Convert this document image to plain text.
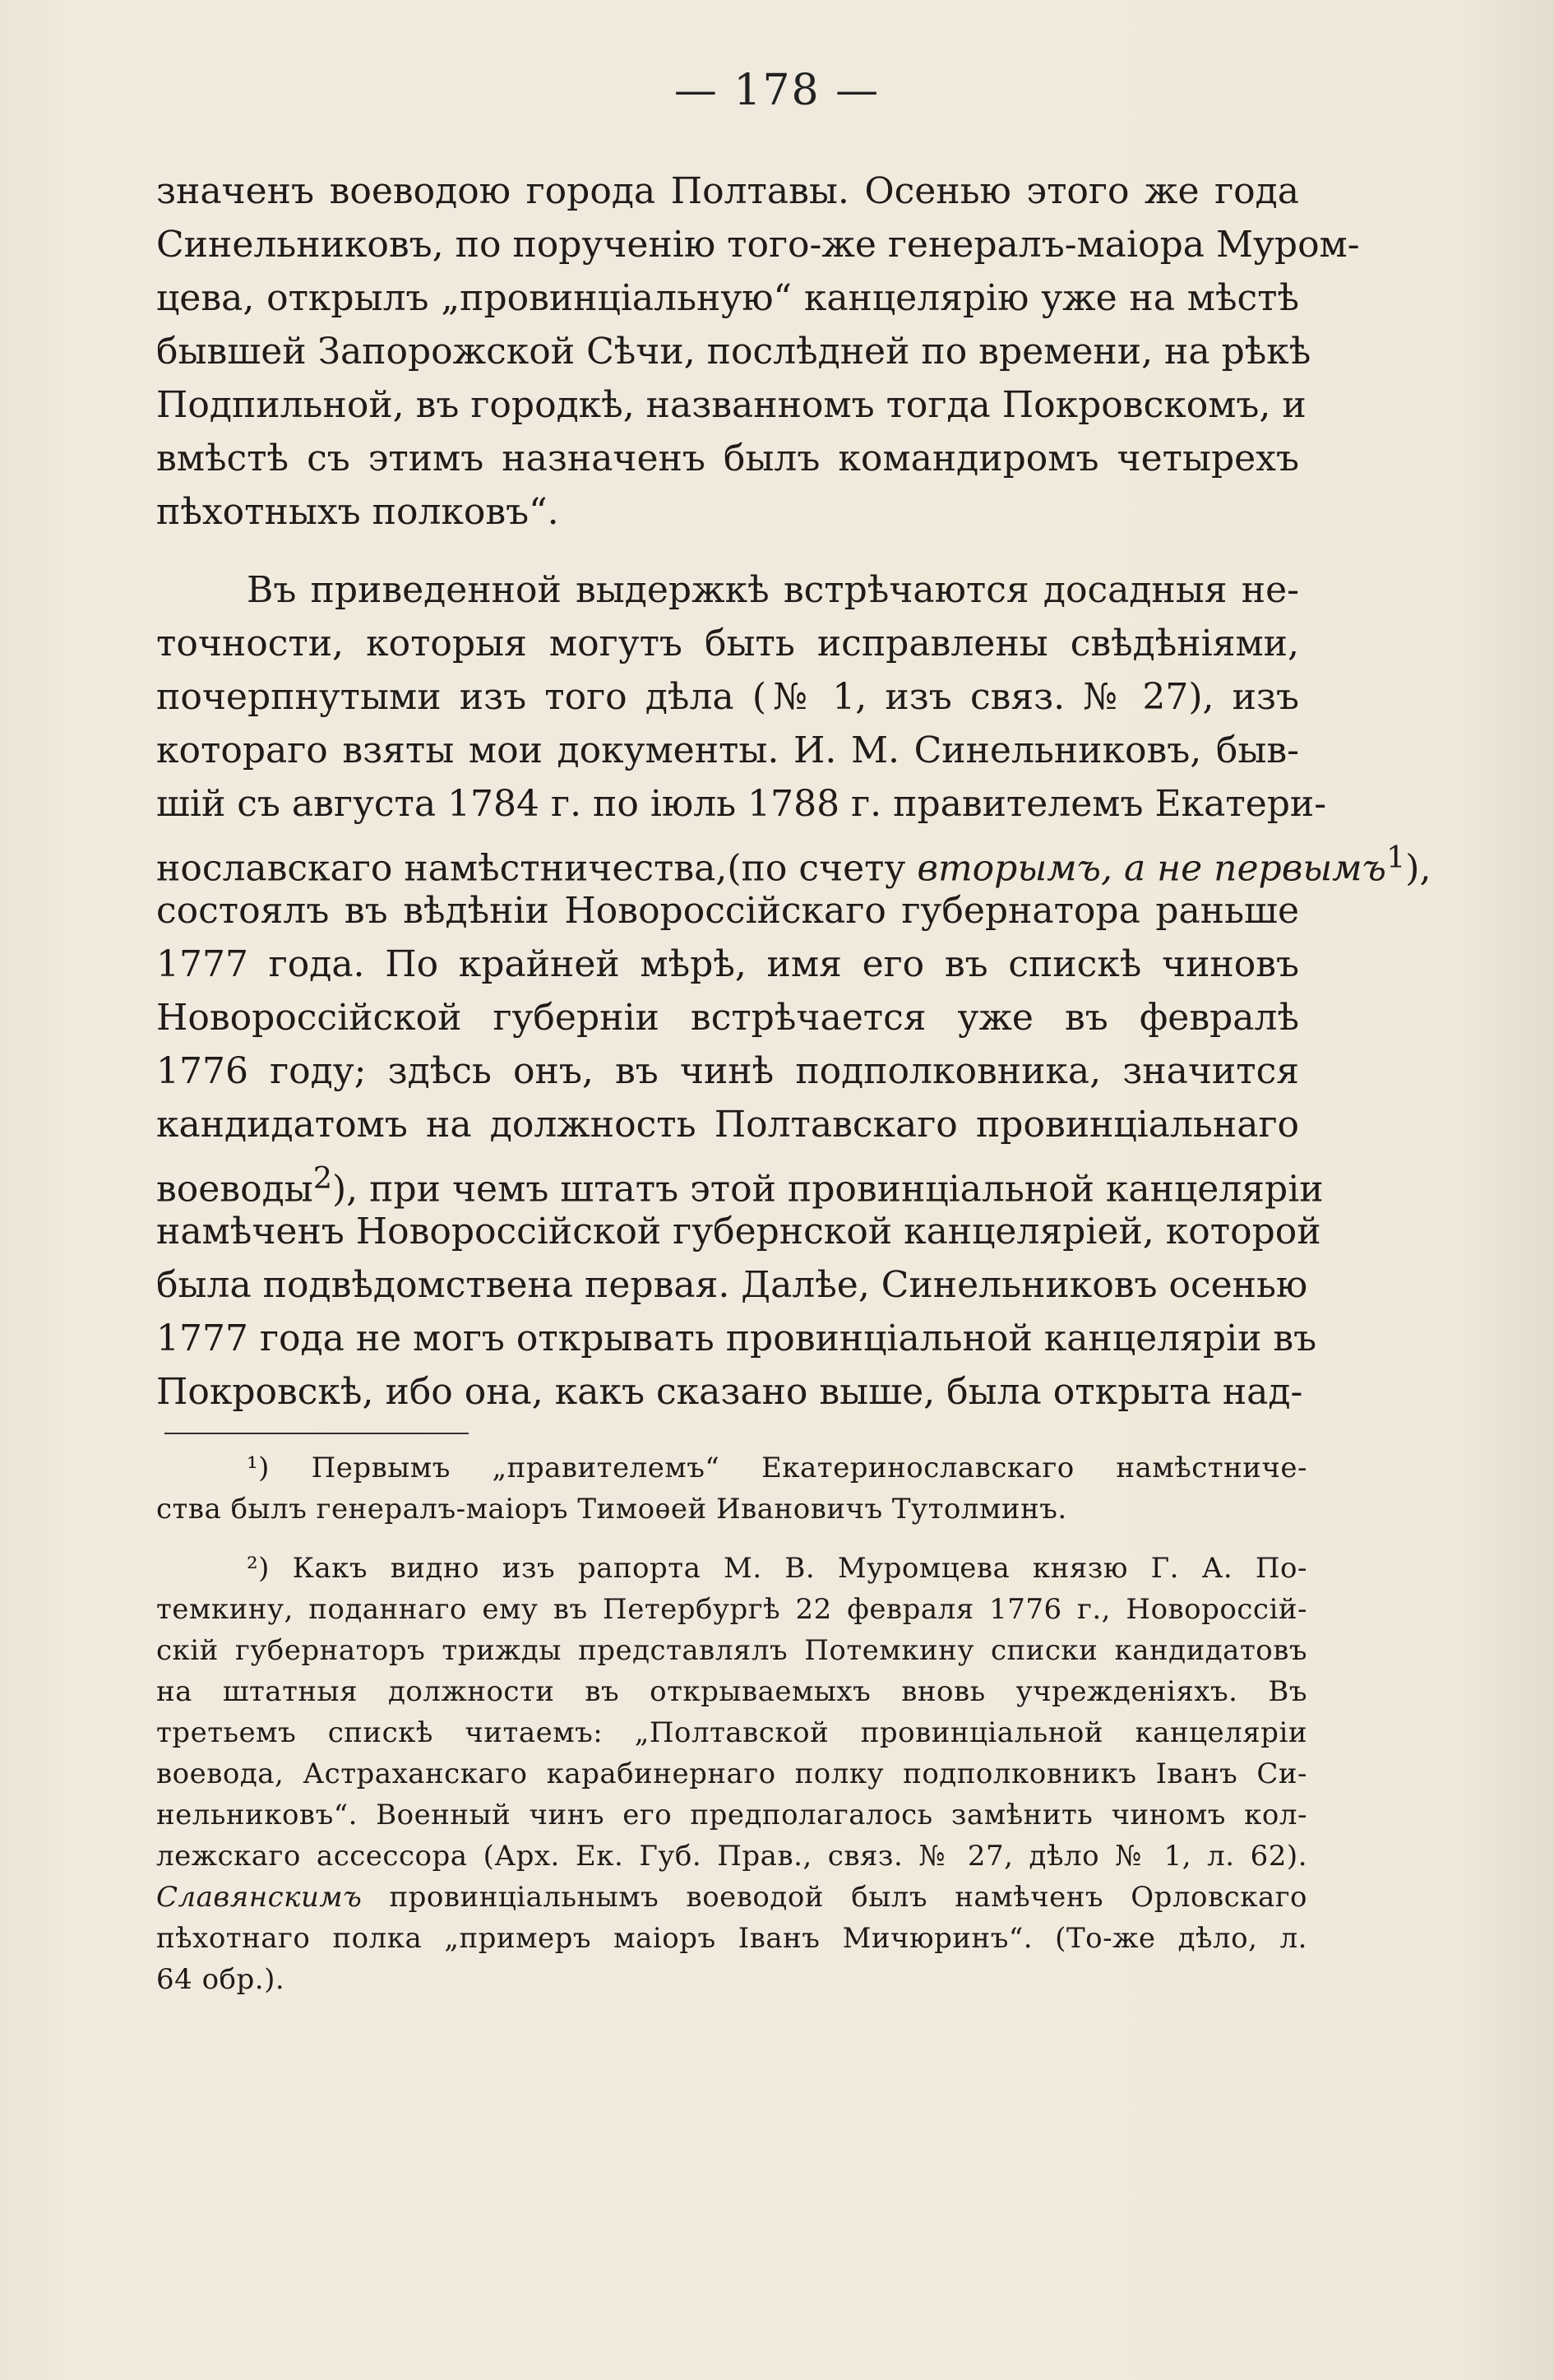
— 178 —
значенъ воеводою города Полтавы. Осенью этого же года
Синельниковъ, по порученію того-же генералъ-маіора Муром-
цева, открылъ „провинціальную“ канцелярію уже на мѣстѣ
бывшей Запорожской Сѣчи, послѣдней по времени, на рѣкѣ
Подпильной, въ городкѣ, названномъ тогда Покровскомъ, и
вмѣстѣ съ этимъ назначенъ былъ командиромъ четырехъ
пѣхотныхъ полковъ“.
Въ приведенной выдержкѣ встрѣчаются досадныя не-
точности, которыя могутъ быть исправлены свѣдѣніями,
почерпнутыми изъ того дѣла (№ 1, изъ связ. № 27), изъ
котораго взяты мои документы. И. М. Синельниковъ, быв-
шій съ августа 1784 г. по іюль 1788 г. правителемъ Екатери-
нославскаго намѣстничества,(по счету вторымъ, а не первымъ$^1$),
состоялъ въ вѣдѣніи Новороссійскаго губернатора раньше
1777 года. По крайней мѣрѣ, имя его въ спискѣ чиновъ
Новороссійской губерніи встрѣчается уже въ февралѣ
1776 году; здѣсь онъ, въ чинѣ подполковника, значится
кандидатомъ на должность Полтавскаго провинціальнаго
воеводы$^2$), при чемъ штатъ этой провинціальной канцеляріи
намѣченъ Новороссійской губернской канцеляріей, которой
была подвѣдомствена первая. Далѣе, Синельниковъ осенью
1777 года не могъ открывать провинціальной канцеляріи въ
Покровскѣ, ибо она, какъ сказано выше, была открыта над-
¹) Первымъ „правителемъ“ Екатеринославскаго намѣстниче-
ства былъ генералъ-маіоръ Тимоѳей Ивановичъ Тутолминъ.
²) Какъ видно изъ рапорта М. В. Муромцева князю Г. А. По-
темкину, поданнаго ему въ Петербургѣ 22 февраля 1776 г., Новороссій-
скій губернаторъ трижды представлялъ Потемкину списки кандидатовъ
на штатныя должности въ открываемыхъ вновь учрежденіяхъ. Въ
третьемъ спискѣ читаемъ: „Полтавской провинціальной канцеляріи
воевода, Астраханскаго карабинернаго полку подполковникъ Іванъ Си-
нельниковъ“. Военный чинъ его предполагалось замѣнить чиномъ кол-
лежскаго ассессора (Арх. Ек. Губ. Прав., связ. № 27, дѣло № 1, л. 62).
Славянскимъ провинціальнымъ воеводой былъ намѣченъ Орловскаго
пѣхотнаго полка „примеръ маіоръ Іванъ Мичюринъ“. (То-же дѣло, л.
64 обр.).
